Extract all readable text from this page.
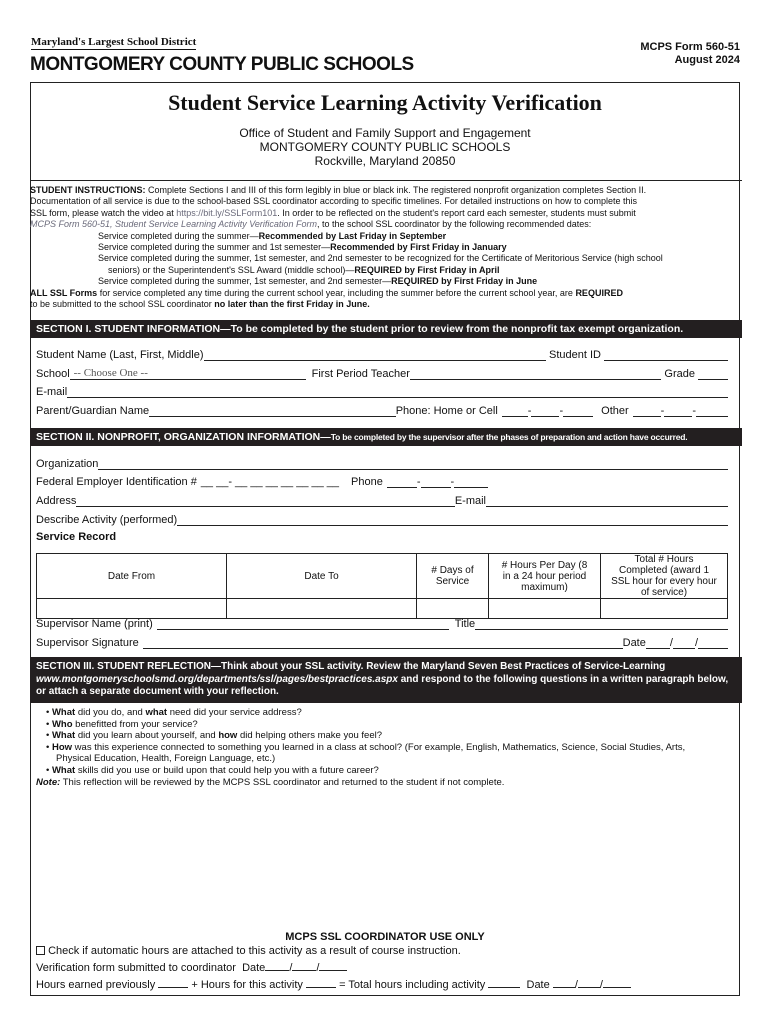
Maryland's Largest School District
MONTGOMERY COUNTY PUBLIC SCHOOLS
MCPS Form 560-51
August 2024
Student Service Learning Activity Verification
Office of Student and Family Support and Engagement
MONTGOMERY COUNTY PUBLIC SCHOOLS
Rockville, Maryland 20850
STUDENT INSTRUCTIONS: Complete Sections I and III of this form legibly in blue or black ink. The registered nonprofit organization completes Section II.
Documentation of all service is due to the school-based SSL coordinator according to specific timelines. For detailed instructions on how to complete this
SSL form, please watch the video at https://bit.ly/SSLForm101. In order to be reflected on the student's report card each semester, students must submit
MCPS Form 560-51, Student Service Learning Activity Verification Form, to the school SSL coordinator by the following recommended dates:
Service completed during the summer—Recommended by Last Friday in September
Service completed during the summer and 1st semester—Recommended by First Friday in January
Service completed during the summer, 1st semester, and 2nd semester to be recognized for the Certificate of Meritorious Service (high school
seniors) or the Superintendent's SSL Award (middle school)—REQUIRED by First Friday in April
Service completed during the summer, 1st semester, and 2nd semester—REQUIRED by First Friday in June
ALL SSL Forms for service completed any time during the current school year, including the summer before the current school year, are REQUIRED
to be submitted to the school SSL coordinator no later than the first Friday in June.
SECTION I. STUDENT INFORMATION—To be completed by the student prior to review from the nonprofit tax exempt organization.
Student Name (Last, First, Middle)	Student ID
School -- Choose One --	First Period Teacher	Grade
E-mail
Parent/Guardian Name	Phone: Home or Cell	-	-	Other	-	-
SECTION II. NONPROFIT, ORGANIZATION INFORMATION—To be completed by the supervisor after the phases of preparation and action have occurred.
Organization
Federal Employer Identification # __ __- __ __ __ __ __ __ __	Phone	-	-
Address	E-mail
Describe Activity (performed)
Service Record
Date From	Date To	# Days of Service	# Hours Per Day (8 in a 24 hour period maximum)	Total # Hours Completed (award 1 SSL hour for every hour of service)

Supervisor Name (print)	Title
Supervisor Signature	Date / /
SECTION III. STUDENT REFLECTION—Think about your SSL activity. Review the Maryland Seven Best Practices of Service-Learning
www.montgomeryschoolsmd.org/departments/ssl/pages/bestpractices.aspx and respond to the following questions in a written paragraph below,
or attach a separate document with your reflection.
• What did you do, and what need did your service address?
• Who benefitted from your service?
• What did you learn about yourself, and how did helping others make you feel?
• How was this experience connected to something you learned in a class at school? (For example, English, Mathematics, Science, Social Studies, Arts,
Physical Education, Health, Foreign Language, etc.)
• What skills did you use or build upon that could help you with a future career?
Note: This reflection will be reviewed by the MCPS SSL coordinator and returned to the student if not complete.
MCPS SSL COORDINATOR USE ONLY
Check if automatic hours are attached to this activity as a result of course instruction.
Verification form submitted to coordinator Date / /
Hours earned previously	+ Hours for this activity	= Total hours including activity	Date / /
